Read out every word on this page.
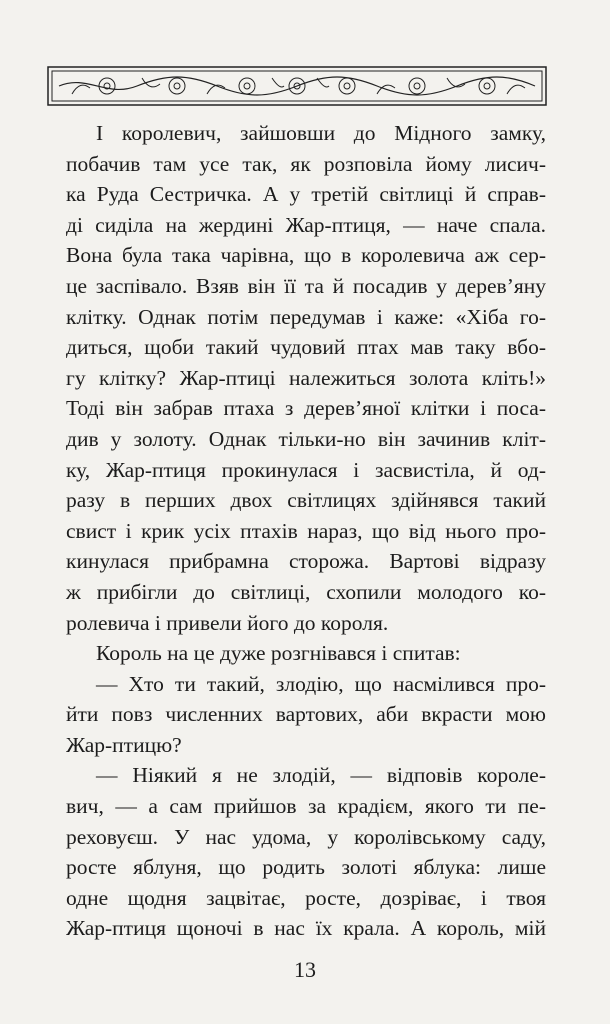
І королевич, зайшовши до Мідного замку,
побачив там усе так, як розповіла йому лисич-
ка Руда Сестричка. А у третій світлиці й справ-
ді сиділа на жердині Жар-птиця, — наче спала.
Вона була така чарівна, що в королевича аж сер-
це заспівало. Взяв він її та й посадив у дерев’яну
клітку. Однак потім передумав і каже: «Хіба го-
диться, щоби такий чудовий птах мав таку вбо-
гу клітку? Жар-птиці належиться золота кліть!»
Тоді він забрав птаха з дерев’яної клітки і поса-
див у золоту. Однак тільки-но він зачинив кліт-
ку, Жар-птиця прокинулася і засвистіла, й од-
разу в перших двох світлицях здійнявся такий
свист і крик усіх птахів нараз, що від нього про-
кинулася прибрамна сторожа. Вартові відразу
ж прибігли до світлиці, схопили молодого ко-
ролевича і привели його до короля.
Король на це дуже розгнівався і спитав:
— Хто ти такий, злодію, що насмілився про-
йти повз численних вартових, аби вкрасти мою
Жар-птицю?
— Ніякий я не злодій, — відповів короле-
вич, — а сам прийшов за крадієм, якого ти пе-
реховуєш. У нас удома, у королівському саду,
росте яблуня, що родить золоті яблука: лише
одне щодня зацвітає, росте, дозріває, і твоя
Жар-птиця щоночі в нас їх крала. А король, мій
13
